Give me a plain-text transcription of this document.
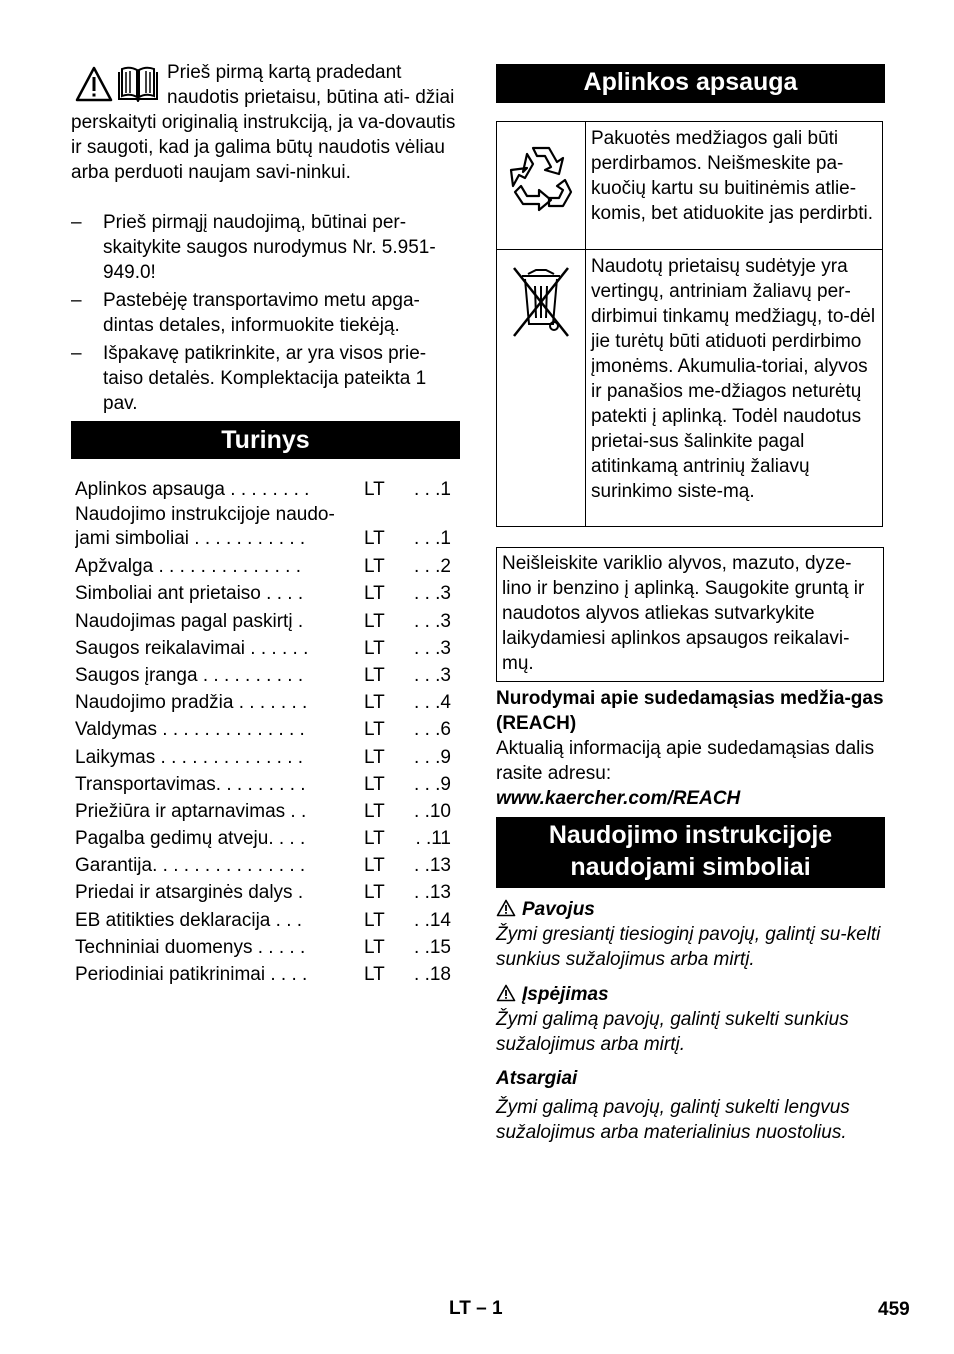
Prieš pirmą kartą pradedant
naudotis prietaisu, būtina ati- džiai perskaityti originalią instrukciją, ja va-dovautis ir saugoti, kad ja galima būtų naudotis vėliau arba perduoti naujam savi-ninkui.

– Prieš pirmąjį naudojimą, būtinai per-skaitykite saugos nurodymus Nr. 5.951-949.0!
– Pastebėję transportavimo metu apga-dintas detales, informuokite tiekėją.
– Išpakavę patikrinkite, ar yra visos prie-taiso detalės. Komplektacija pateikta 1 pav.
Turinys
Aplinkos apsauga . . . . . . . .	LT . . .1
Naudojimo instrukcijoje naudo-
jami simboliai . . . . . . . . . . .	LT . . .1
Apžvalga . . . . . . . . . . . . . .	LT . . .2
Simboliai ant prietaiso . . . .	LT . . .3
Naudojimas pagal paskirtį .	LT . . .3
Saugos reikalavimai . . . . . .	LT . . .3
Saugos įranga . . . . . . . . . .	LT . . .3
Naudojimo pradžia . . . . . . .	LT . . .4
Valdymas . . . . . . . . . . . . . .	LT . . .6
Laikymas . . . . . . . . . . . . . .	LT . . .9
Transportavimas. . . . . . . . .	LT . . .9
Priežiūra ir aptarnavimas . .	LT . .10
Pagalba gedimų atveju. . . .	LT . .11
Garantija. . . . . . . . . . . . . . .	LT . .13
Priedai ir atsarginės dalys .	LT . .13
EB atitikties deklaracija . . .	LT . .14
Techniniai duomenys . . . . .	LT . .15
Periodiniai patikrinimai . . . .	LT . .18
Aplinkos apsauga
	Pakuotės medžiagos gali būti perdirbamos. Neišmeskite pa-kuočių kartu su buitinėmis atlie-komis, bet atiduokite jas perdirbti.
	Naudotų prietaisų sudėtyje yra vertingų, antriniam žaliavų per-dirbimui tinkamų medžiagų, to-dėl jie turėtų būti atiduoti perdirbimo įmonėms. Akumulia-toriai, alyvos ir panašios me-džiagos neturėtų patekti į aplinką. Todėl naudotus prietai-sus šalinkite pagal atitinkamą antrinių žaliavų surinkimo siste-mą.
Neišleiskite variklio alyvos, mazuto, dyze-lino ir benzino į aplinką. Saugokite gruntą ir naudotos alyvos atliekas sutvarkykite laikydamiesi aplinkos apsaugos reikalavi-mų.

Nurodymai apie sudedamąsias medžia-gas (REACH)

Aktualią informaciją apie sudedamąsias dalis rasite adresu:

www.kaercher.com/REACH

Naudojimo instrukcijoje
naudojami simboliai

Pavojus

Žymi gresiantį tiesioginį pavojų, galintį su-kelti sunkius sužalojimus arba mirtį.

Įspėjimas

Žymi galimą pavojų, galintį sukelti sunkius sužalojimus arba mirtį.

Atsargiai

Žymi galimą pavojų, galintį sukelti lengvus sužalojimus arba materialinius nuostolius.

LT – 1	459
